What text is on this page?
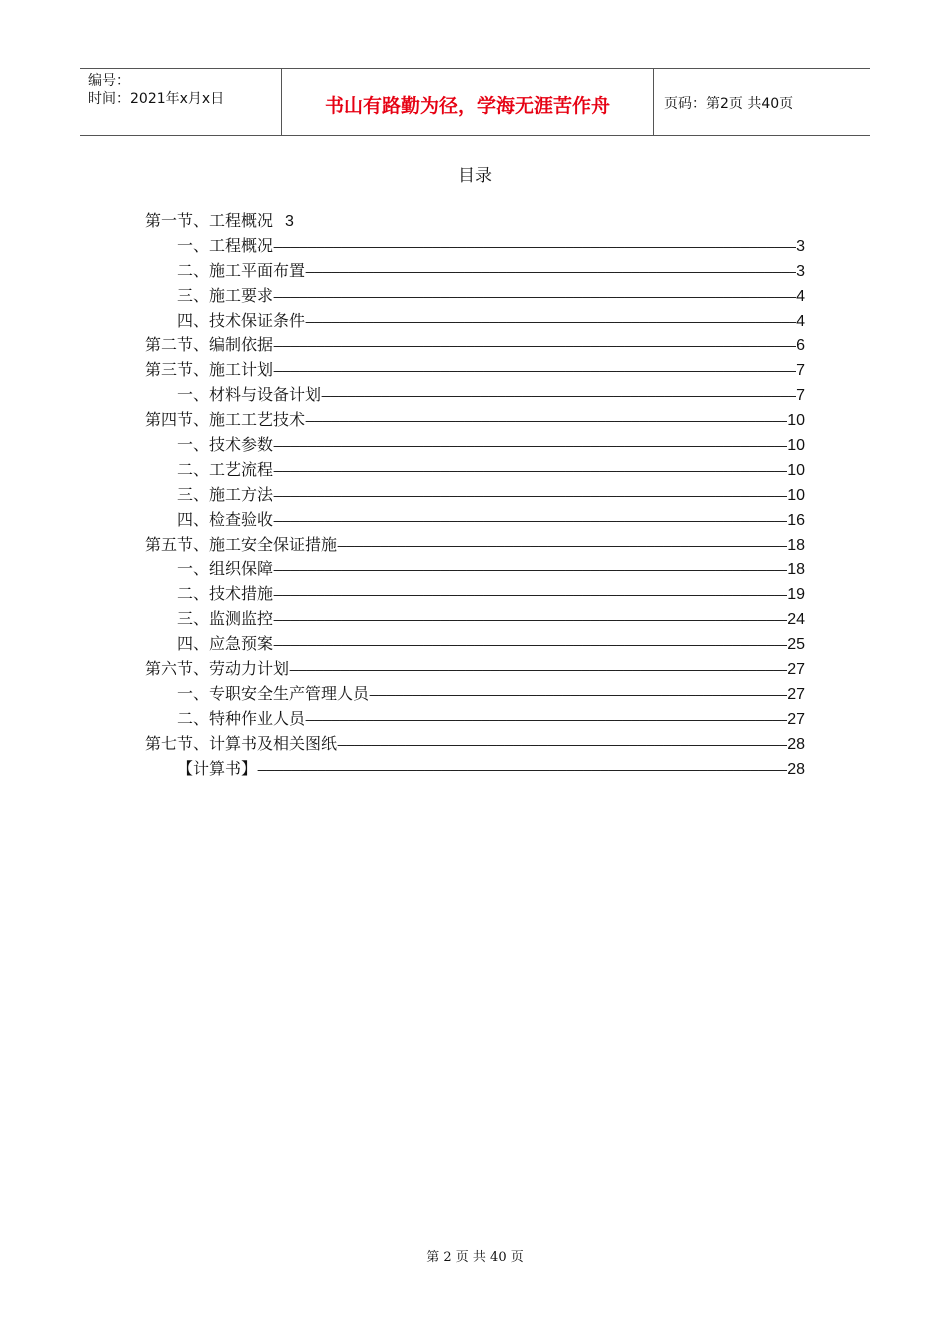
编号：
时间：2021年x月x日	书山有路勤为径，学海无涯苦作舟	页码：第2页 共40页
目录
第一节、工程概况 3
一、工程概况 -----	3
二、施工平面布置 -----	3
三、施工要求 -----	4
四、技术保证条件 -----	4
第二节、编制依据 -----	6
第三节、施工计划 -----	7
一、材料与设备计划 -----	7
第四节、施工工艺技术 -----	10
一、技术参数 -----	10
二、工艺流程 -----	10
三、施工方法 -----	10
四、检查验收 -----	16
第五节、施工安全保证措施 -----	18
一、组织保障 -----	18
二、技术措施 -----	19
三、监测监控 -----	24
四、应急预案 -----	25
第六节、劳动力计划 -----	27
一、专职安全生产管理人员 -----	27
二、特种作业人员 -----	27
第七节、计算书及相关图纸 -----	28
【计算书】 -----	28
第 2 页 共 40 页
